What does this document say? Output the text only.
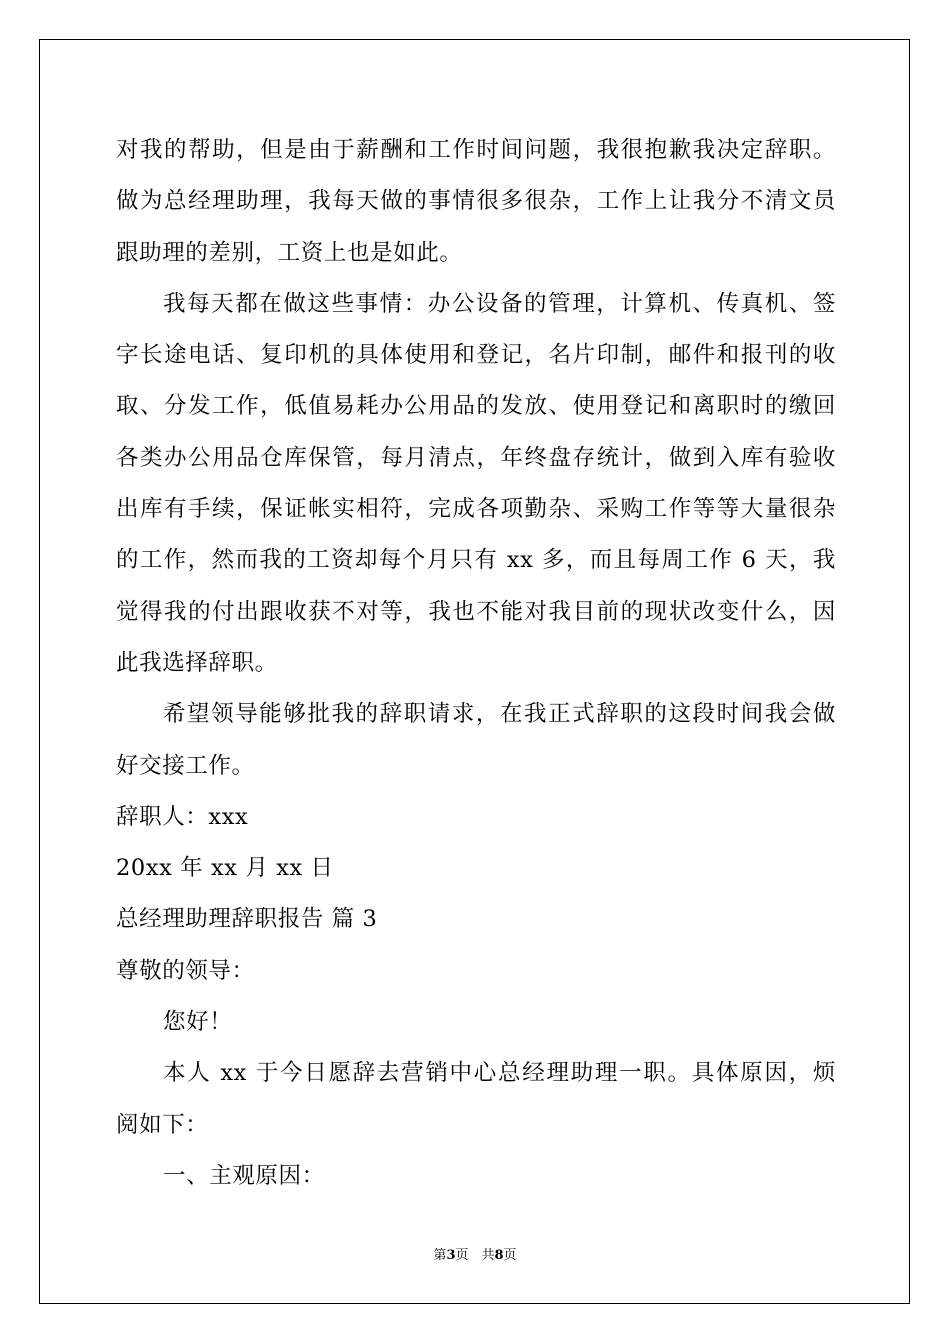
对我的帮助，但是由于薪酬和工作时间问题，我很抱歉我决定辞职。
做为总经理助理，我每天做的事情很多很杂，工作上让我分不清文员
跟助理的差别，工资上也是如此。
我每天都在做这些事情：办公设备的管理，计算机、传真机、签
字长途电话、复印机的具体使用和登记，名片印制，邮件和报刊的收
取、分发工作，低值易耗办公用品的发放、使用登记和离职时的缴回
各类办公用品仓库保管，每月清点，年终盘存统计，做到入库有验收
出库有手续，保证帐实相符，完成各项勤杂、采购工作等等大量很杂
的工作，然而我的工资却每个月只有 xx 多，而且每周工作 6 天，我
觉得我的付出跟收获不对等，我也不能对我目前的现状改变什么，因
此我选择辞职。
希望领导能够批我的辞职请求，在我正式辞职的这段时间我会做
好交接工作。
辞职人：xxx
20xx 年 xx 月 xx 日
总经理助理辞职报告 篇 3
尊敬的领导：
您好！
本人 xx 于今日愿辞去营销中心总经理助理一职。具体原因，烦
阅如下：
一、主观原因：
第3页　共8页
